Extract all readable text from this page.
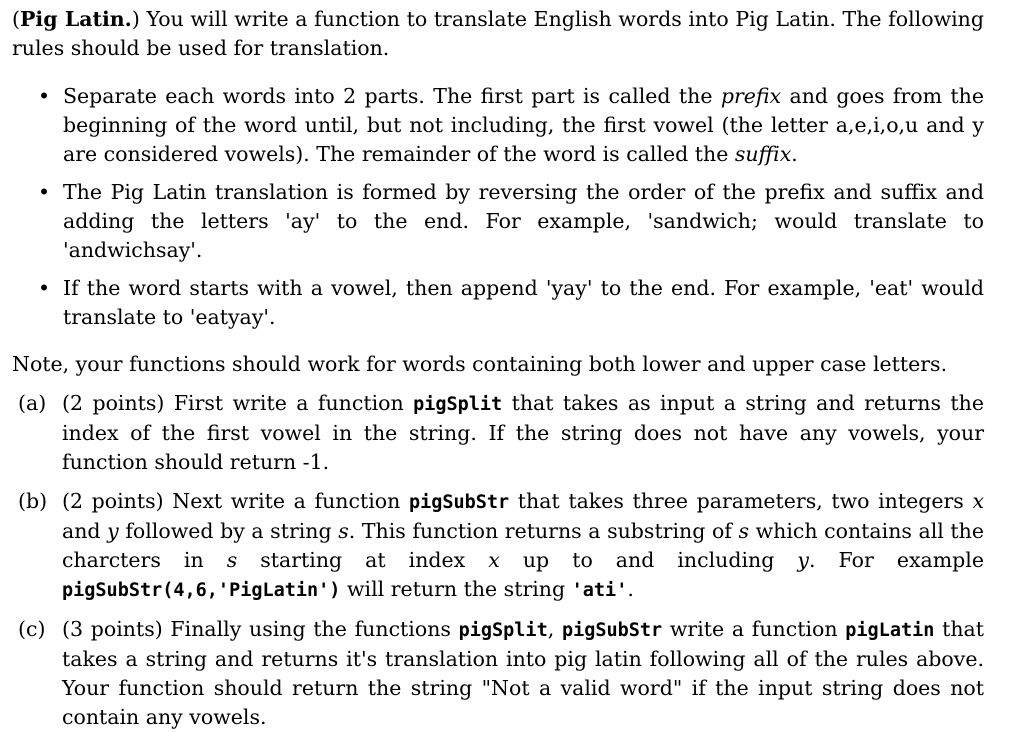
(Pig Latin.) You will write a function to translate English words into Pig Latin. The following rules should be used for translation.

• Separate each words into 2 parts. The first part is called the prefix and goes from the beginning of the word until, but not including, the first vowel (the letter a,e,i,o,u and y are considered vowels). The remainder of the word is called the suffix.
• The Pig Latin translation is formed by reversing the order of the prefix and suffix and adding the letters 'ay' to the end. For example, 'sandwich; would translate to 'andwichsay'.
• If the word starts with a vowel, then append 'yay' to the end. For example, 'eat' would translate to 'eatyay'.

Note, your functions should work for words containing both lower and upper case letters.

(a) (2 points) First write a function pigSplit that takes as input a string and returns the index of the first vowel in the string. If the string does not have any vowels, your function should return -1.
(b) (2 points) Next write a function pigSubStr that takes three parameters, two integers x and y followed by a string s. This function returns a substring of s which contains all the charcters in s starting at index x up to and including y. For example pigSubStr(4,6,'PigLatin') will return the string 'ati'.
(c) (3 points) Finally using the functions pigSplit, pigSubStr write a function pigLatin that takes a string and returns it's translation into pig latin following all of the rules above. Your function should return the string "Not a valid word" if the input string does not contain any vowels.
